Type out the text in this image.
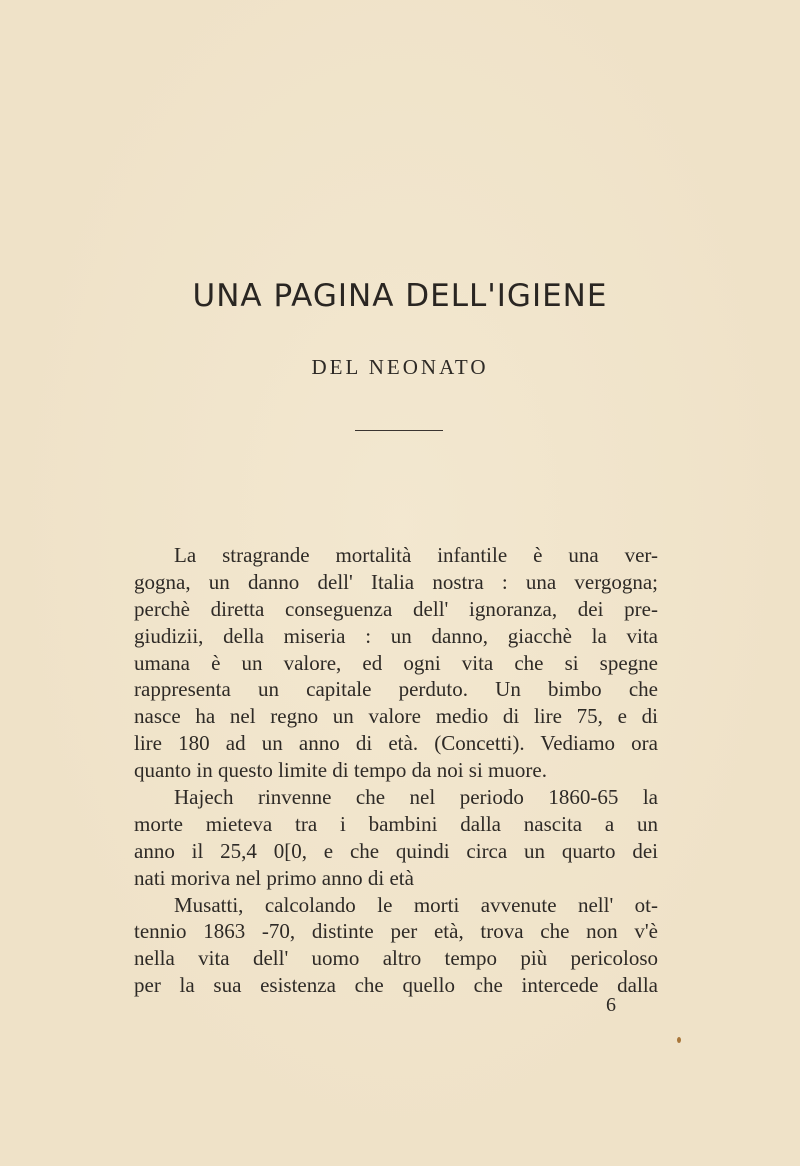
UNA PAGINA DELL'IGIENE
DEL NEONATO
La stragrande mortalità infantile è una ver-
gogna, un danno dell' Italia nostra : una vergogna;
perchè diretta conseguenza dell' ignoranza, dei pre-
giudizii, della miseria : un danno, giacchè la vita
umana è un valore, ed ogni vita che si spegne
rappresenta un capitale perduto. Un bimbo che
nasce ha nel regno un valore medio di lire 75, e di
lire 180 ad un anno di età. (Concetti). Vediamo ora
quanto in questo limite di tempo da noi si muore.
Hajech rinvenne che nel periodo 1860-65 la
morte mieteva tra i bambini dalla nascita a un
anno il 25,4 0[0, e che quindi circa un quarto dei
nati moriva nel primo anno di età
Musatti, calcolando le morti avvenute nell' ot-
tennio 1863 -70, distinte per età, trova che non v'è
nella vita dell' uomo altro tempo più pericoloso
per la sua esistenza che quello che intercede dalla
6
